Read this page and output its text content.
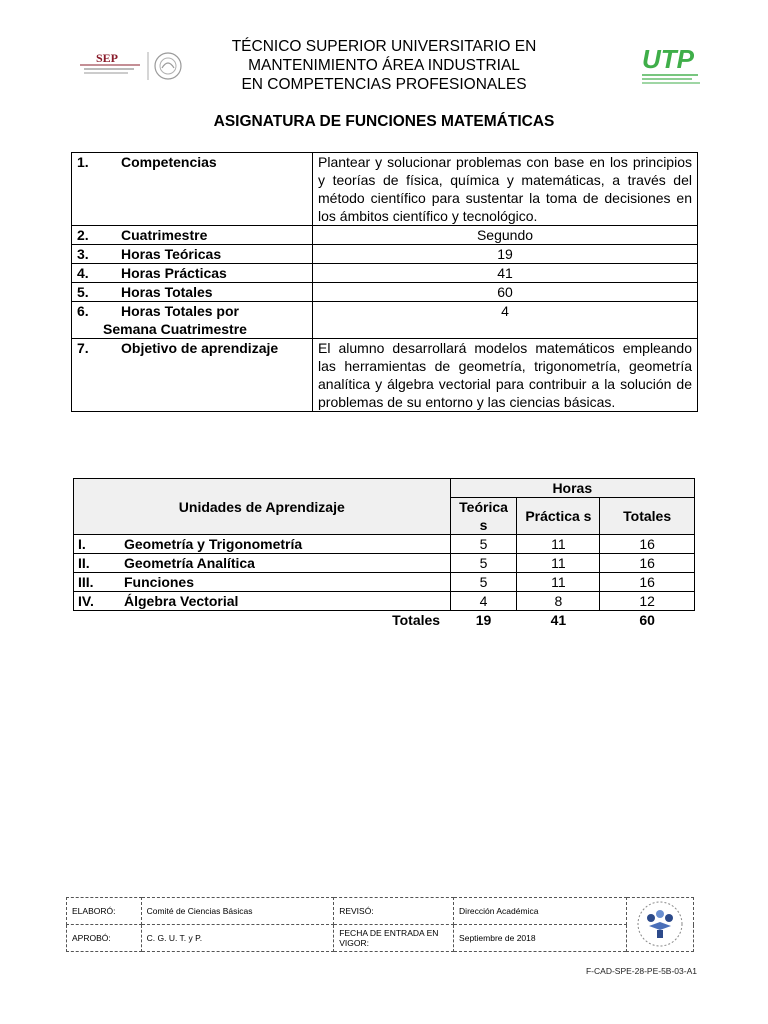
SEP
TÉCNICO SUPERIOR UNIVERSITARIO EN
MANTENIMIENTO ÁREA INDUSTRIAL
EN COMPETENCIAS PROFESIONALES
UTP
ASIGNATURA DE FUNCIONES MATEMÁTICAS
1. Competencias	Plantear y solucionar problemas con base en los principios y teorías de física, química y matemáticas, a través del método científico para sustentar la toma de decisiones en los ámbitos científico y tecnológico.
2. Cuatrimestre	Segundo
3. Horas Teóricas	19
4. Horas Prácticas	41
5. Horas Totales	60
6. Horas Totales por
Semana Cuatrimestre	4
7. Objetivo de aprendizaje	El alumno desarrollará modelos matemáticos empleando las herramientas de geometría, trigonometría, geometría analítica y álgebra vectorial para contribuir a la solución de problemas de su entorno y las ciencias básicas.
Unidades de Aprendizaje	Horas		
	Teórica s	Práctica s	Totales
I. Geometría y Trigonometría	5	11	16
II. Geometría Analítica	5	11	16
III. Funciones	5	11	16
IV. Álgebra Vectorial	4	8	12
Totales	19	41	60
ELABORÓ:	Comité de Ciencias Básicas	REVISÓ:	Dirección Académica	
APROBÓ:	C. G. U. T. y P.	FECHA DE ENTRADA EN VIGOR:	Septiembre de 2018	
F-CAD-SPE-28-PE-5B-03-A1
